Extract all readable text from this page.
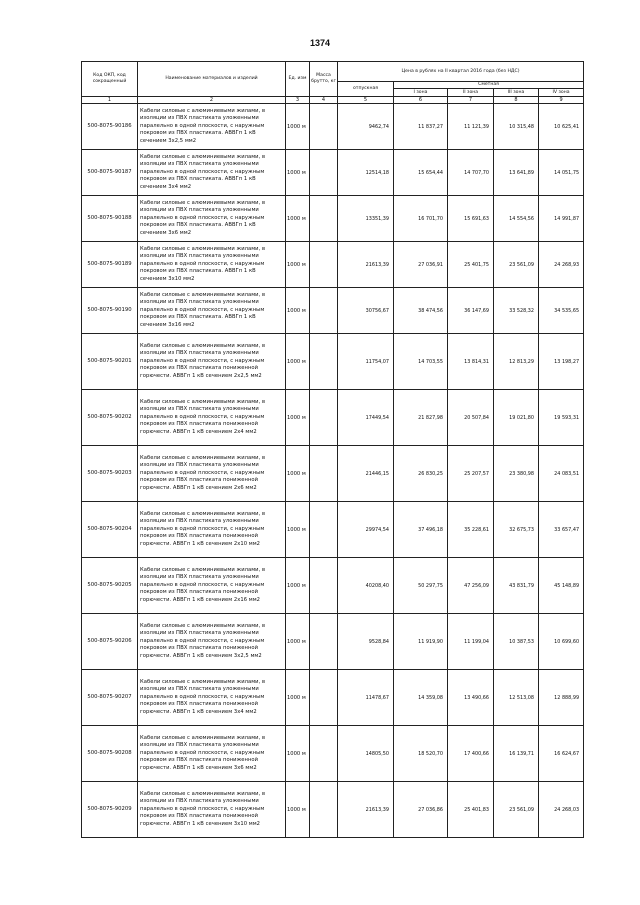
1374
Код ОКП, код сокращенный	Наименование материалов и изделий	Ед. изм	Масса брутто, кг	Цена в рублях на II квартал 2016 года (без НДС)				
				отпускная	Сметная			
					I зона	II зона	III зона	IV зона
1	2	3	4	5	6	7	8	9
500-8075-90186	Кабели силовые с алюминиевыми жилами, в изоляции из ПВХ пластиката уложенными паралельно в одной плоскости, с наружным покровом из ПВХ пластиката. АВВГп 1 кВ сечением 3х2,5 мм2	1000 м		9462,74	11 837,27	11 121,39	10 315,48	10 625,41
500-8075-90187	Кабели силовые с алюминиевыми жилами, в изоляции из ПВХ пластиката уложенными паралельно в одной плоскости, с наружным покровом из ПВХ пластиката. АВВГп 1 кВ сечением 3х4 мм2	1000 м		12514,18	15 654,44	14 707,70	13 641,89	14 051,75
500-8075-90188	Кабели силовые с алюминиевыми жилами, в изоляции из ПВХ пластиката уложенными паралельно в одной плоскости, с наружным покровом из ПВХ пластиката. АВВГп 1 кВ сечением 3х6 мм2	1000 м		13351,39	16 701,70	15 691,63	14 554,56	14 991,87
500-8075-90189	Кабели силовые с алюминиевыми жилами, в изоляции из ПВХ пластиката уложенными паралельно в одной плоскости, с наружным покровом из ПВХ пластиката. АВВГп 1 кВ сечением 3х10 мм2	1000 м		21613,39	27 036,91	25 401,75	23 561,09	24 268,93
500-8075-90190	Кабели силовые с алюминиевыми жилами, в изоляции из ПВХ пластиката уложенными паралельно в одной плоскости, с наружным покровом из ПВХ пластиката. АВВГп 1 кВ сечением 3х16 мм2	1000 м		30756,67	38 474,56	36 147,69	33 528,32	34 535,65
500-8075-90201	Кабели силовые с алюминиевыми жилами, в изоляции из ПВХ пластиката уложенными паралельно в одной плоскости, с наружным покровом из ПВХ пластиката пониженной горючести. АВВГп 1 кВ сечением 2х2,5 мм2	1000 м		11754,07	14 703,55	13 814,31	12 813,29	13 198,27
500-8075-90202	Кабели силовые с алюминиевыми жилами, в изоляции из ПВХ пластиката уложенными паралельно в одной плоскости, с наружным покровом из ПВХ пластиката пониженной горючести. АВВГп 1 кВ сечением 2х4 мм2	1000 м		17449,54	21 827,98	20 507,84	19 021,80	19 593,31
500-8075-90203	Кабели силовые с алюминиевыми жилами, в изоляции из ПВХ пластиката уложенными паралельно в одной плоскости, с наружным покровом из ПВХ пластиката пониженной горючести. АВВГп 1 кВ сечением 2х6 мм2	1000 м		21446,15	26 830,25	25 207,57	23 380,98	24 083,51
500-8075-90204	Кабели силовые с алюминиевыми жилами, в изоляции из ПВХ пластиката уложенными паралельно в одной плоскости, с наружным покровом из ПВХ пластиката пониженной горючести. АВВГп 1 кВ сечением 2х10 мм2	1000 м		29974,54	37 496,18	35 228,61	32 675,73	33 657,47
500-8075-90205	Кабели силовые с алюминиевыми жилами, в изоляции из ПВХ пластиката уложенными паралельно в одной плоскости, с наружным покровом из ПВХ пластиката пониженной горючести. АВВГп 1 кВ сечением 2х16 мм2	1000 м		40208,40	50 297,75	47 256,09	43 831,79	45 148,89
500-8075-90206	Кабели силовые с алюминиевыми жилами, в изоляции из ПВХ пластиката уложенными паралельно в одной плоскости, с наружным покровом из ПВХ пластиката пониженной горючести. АВВГп 1 кВ сечением 3х2,5 мм2	1000 м		9528,84	11 919,90	11 199,04	10 387,53	10 699,60
500-8075-90207	Кабели силовые с алюминиевыми жилами, в изоляции из ПВХ пластиката уложенными паралельно в одной плоскости, с наружным покровом из ПВХ пластиката пониженной горючести. АВВГп 1 кВ сечением 3х4 мм2	1000 м		11478,67	14 359,08	13 490,66	12 513,08	12 888,99
500-8075-90208	Кабели силовые с алюминиевыми жилами, в изоляции из ПВХ пластиката уложенными паралельно в одной плоскости, с наружным покровом из ПВХ пластиката пониженной горючести. АВВГп 1 кВ сечением 3х6 мм2	1000 м		14805,50	18 520,70	17 400,66	16 139,71	16 624,67
500-8075-90209	Кабели силовые с алюминиевыми жилами, в изоляции из ПВХ пластиката уложенными паралельно в одной плоскости, с наружным покровом из ПВХ пластиката пониженной горючести. АВВГп 1 кВ сечением 3х10 мм2	1000 м		21613,39	27 036,86	25 401,83	23 561,09	24 268,03
